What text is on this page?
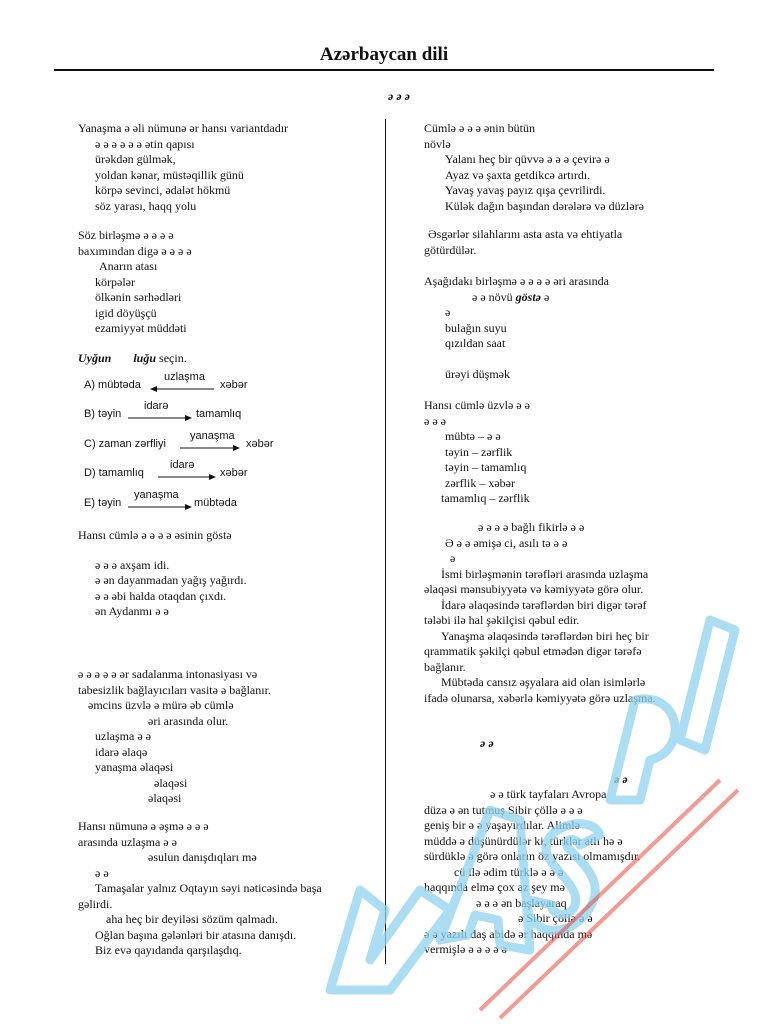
Azərbaycan dili
ə ə ə

Yanaşma ə əli nümunə ər hansı variantdadır

ə ə ə ə ə ə ətin qapısı

ürəkdən gülmək,

yoldan kənar, müstəqillik günü

körpə sevinci, ədalət hökmü

söz yarası, haqq yolu

Söz birləşmə ə ə ə ə

baxımından digə ə ə ə ə

Anarın atası

körpələr

ölkənin sərhədləri

igid döyüşçü

ezamiyyət müddəti

Uyğun luğu seçin.

A) mübtəda
uzlaşma
xəbər
B) təyin
idarə
tamamlıq
C) zaman zərfliyi
yanaşma
xəbər
D) tamamlıq
idarə
xəbər
E) təyin
yanaşma
mübtəda

Hansı cümlə ə ə ə ə əsinin göstə

ə ə ə axşam idi.

ə ən dayanmadan yağış yağırdı.

ə ə əbi halda otaqdan çıxdı.

ən Aydanmı ə ə

ə ə ə ə ə ər sadalanma intonasiyası və

tabesizlik bağlayıcıları vasitə ə bağlanır.

əmcins üzvlə ə mürə əb cümlə

əri arasında olur.

uzlaşma ə ə

idarə əlaqə

yanaşma əlaqəsi

əlaqəsi

əlaqəsi

Hansı nümunə ə əşmə ə ə ə

arasında uzlaşma ə ə

əsulun danışdıqları mə

ə ə

Tamaşalar yalnız Oqtayın səyi nəticəsində başa

gəlirdi.

aha heç bir deyiləsi sözüm qalmadı.

Oğlan başına gələnləri bir atasına danışdı.

Biz evə qayıdanda qarşılaşdıq.

Cümlə ə ə ə ənin bütün

növlə

Yalanı heç bir qüvvə ə ə ə çevirə ə

Ayaz və şaxta getdikcə artırdı.

Yavaş yavaş payız qışa çevrilirdi.

Külək dağın başından dərələrə və düzlərə

Əsgərlər silahlarını asta asta və ehtiyatla

götürdülər.

Aşağıdakı birləşmə ə ə ə ə əri arasında

ə ə növü göstə ə

ə

bulağın suyu

qızıldan saat

ürəyi düşmək

Hansı cümlə üzvlə ə ə

ə ə ə

mübtə – ə ə

təyin – zərflik

təyin – tamamlıq

zərflik – xəbər

tamamlıq – zərflik

ə ə ə ə bağlı fikirlə ə ə

Ə ə ə əmişə ci, asılı tə ə ə

ə

İsmi birləşmənin tərəfləri arasında uzlaşma

əlaqəsi mənsubiyyətə və kəmiyyətə görə olur.

İdarə əlaqəsində tərəflərdən biri digər tərəf

tələbi ilə hal şəkilçisi qəbul edir.

Yanaşma əlaqəsində tərəflərdən biri heç bir

qrammatik şəkilçi qəbul etmədən digər tərəfə

bağlanır.

Mübtəda cansız əşyalara aid olan isimlərlə

ifadə olunarsa, xəbərlə kəmiyyətə görə uzlaşma.

ə ə

ə ə

ə ə türk tayfaları Avropa

düzə ə ən tutmuş Sibir çöllə ə ə ə

geniş bir ə ə yaşayırdılar. Alimlə

müddə ə düşünürdülər ki, türklər atlı hə ə

sürdüklə ə görə onların öz yazısı olmamışdır.

cü ilə ədim türklə ə ə ə

haqqında elmə çox az şey mə

ə ə ə ən başlayaraq

ə Sibir çöllə ə ə

ə ə yazılı daş abidə ər haqqında mə

vermişlə ə ə ə ə ə
